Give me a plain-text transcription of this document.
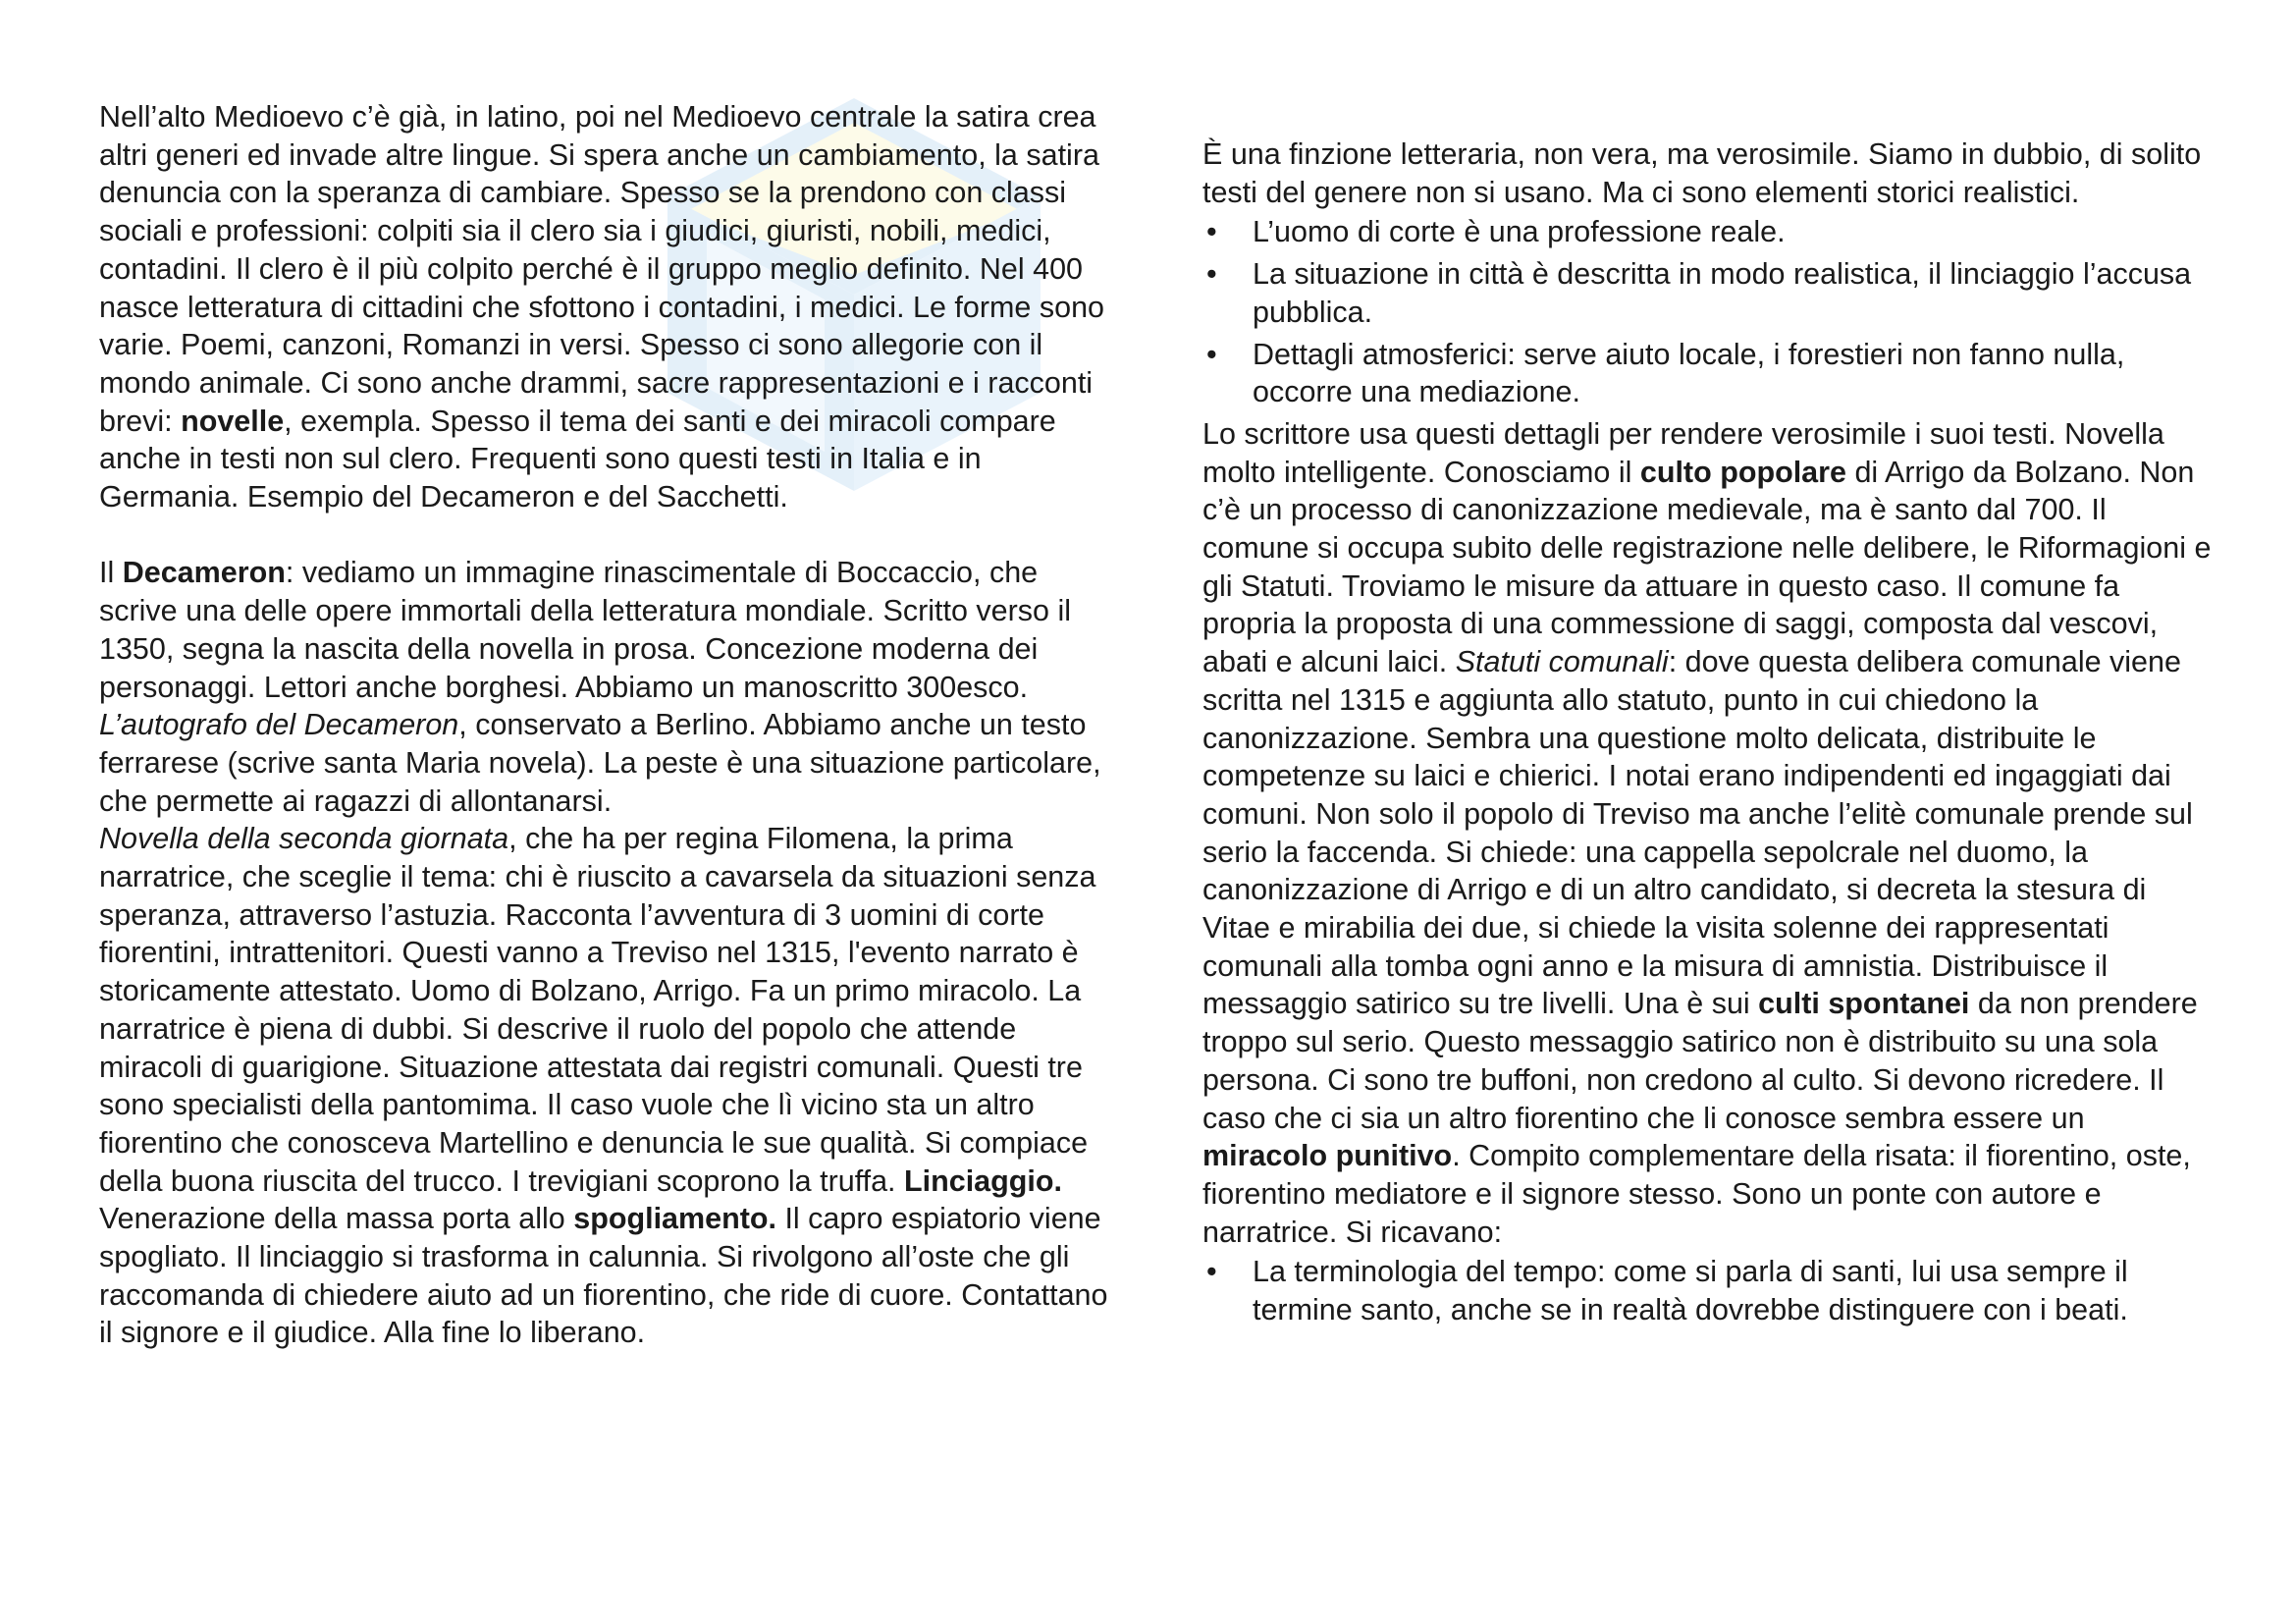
Nell’alto Medioevo c’è già, in latino, poi nel Medioevo centrale la satira crea altri generi ed invade altre lingue. Si spera anche un cambiamento, la satira denuncia con la speranza di cambiare. Spesso se la prendono con classi sociali e professioni: colpiti sia il clero sia i giudici, giuristi, nobili, medici, contadini. Il clero è il più colpito perché è il gruppo meglio definito. Nel 400 nasce letteratura di cittadini che sfottono i contadini, i medici. Le forme sono varie. Poemi, canzoni, Romanzi in versi. Spesso ci sono allegorie con il mondo animale. Ci sono anche drammi, sacre rappresentazioni e i racconti brevi: novelle, exempla. Spesso il tema dei santi e dei miracoli compare anche in testi non sul clero. Frequenti sono questi testi in Italia e in Germania. Esempio del Decameron e del Sacchetti.

Il Decameron: vediamo un immagine rinascimentale di Boccaccio, che scrive una delle opere immortali della letteratura mondiale. Scritto verso il 1350, segna la nascita della novella in prosa. Concezione moderna dei personaggi. Lettori anche borghesi. Abbiamo un manoscritto 300esco. L’autografo del Decameron, conservato a Berlino. Abbiamo anche un testo ferrarese (scrive santa Maria novela). La peste è una situazione particolare, che permette ai ragazzi di allontanarsi.

Novella della seconda giornata, che ha per regina Filomena, la prima narratrice, che sceglie il tema: chi è riuscito a cavarsela da situazioni senza speranza, attraverso l’astuzia. Racconta l’avventura di 3 uomini di corte fiorentini, intrattenitori. Questi vanno a Treviso nel 1315, l'evento narrato è storicamente attestato. Uomo di Bolzano, Arrigo. Fa un primo miracolo. La narratrice è piena di dubbi. Si descrive il ruolo del popolo che attende miracoli di guarigione. Situazione attestata dai registri comunali. Questi tre sono specialisti della pantomima. Il caso vuole che lì vicino sta un altro fiorentino che conosceva Martellino e denuncia le sue qualità. Si compiace della buona riuscita del trucco. I trevigiani scoprono la truffa. Linciaggio. Venerazione della massa porta allo spogliamento. Il capro espiatorio viene spogliato. Il linciaggio si trasforma in calunnia. Si rivolgono all’oste che gli raccomanda di chiedere aiuto ad un fiorentino, che ride di cuore. Contattano il signore e il giudice. Alla fine lo liberano.

È una finzione letteraria, non vera, ma verosimile. Siamo in dubbio, di solito testi del genere non si usano. Ma ci sono elementi storici realistici.

• L’uomo di corte è una professione reale.
• La situazione in città è descritta in modo realistica, il linciaggio l’accusa pubblica.
• Dettagli atmosferici: serve aiuto locale, i forestieri non fanno nulla, occorre una mediazione.

Lo scrittore usa questi dettagli per rendere verosimile i suoi testi. Novella molto intelligente. Conosciamo il culto popolare di Arrigo da Bolzano. Non c’è un processo di canonizzazione medievale, ma è santo dal 700. Il comune si occupa subito delle registrazione nelle delibere, le Riformagioni e gli Statuti. Troviamo le misure da attuare in questo caso. Il comune fa propria la proposta di una commessione di saggi, composta dal vescovi, abati e alcuni laici. Statuti comunali: dove questa delibera comunale viene scritta nel 1315 e aggiunta allo statuto, punto in cui chiedono la canonizzazione. Sembra una questione molto delicata, distribuite le competenze su laici e chierici. I notai erano indipendenti ed ingaggiati dai comuni. Non solo il popolo di Treviso ma anche l’elitè comunale prende sul serio la faccenda. Si chiede: una cappella sepolcrale nel duomo, la canonizzazione di Arrigo e di un altro candidato, si decreta la stesura di Vitae e mirabilia dei due, si chiede la visita solenne dei rappresentati comunali alla tomba ogni anno e la misura di amnistia. Distribuisce il messaggio satirico su tre livelli. Una è sui culti spontanei da non prendere troppo sul serio. Questo messaggio satirico non è distribuito su una sola persona. Ci sono tre buffoni, non credono al culto. Si devono ricredere. Il caso che ci sia un altro fiorentino che li conosce sembra essere un miracolo punitivo. Compito complementare della risata: il fiorentino, oste, fiorentino mediatore e il signore stesso. Sono un ponte con autore e narratrice. Si ricavano:

• La terminologia del tempo: come si parla di santi, lui usa sempre il termine santo, anche se in realtà dovrebbe distinguere con i beati.
